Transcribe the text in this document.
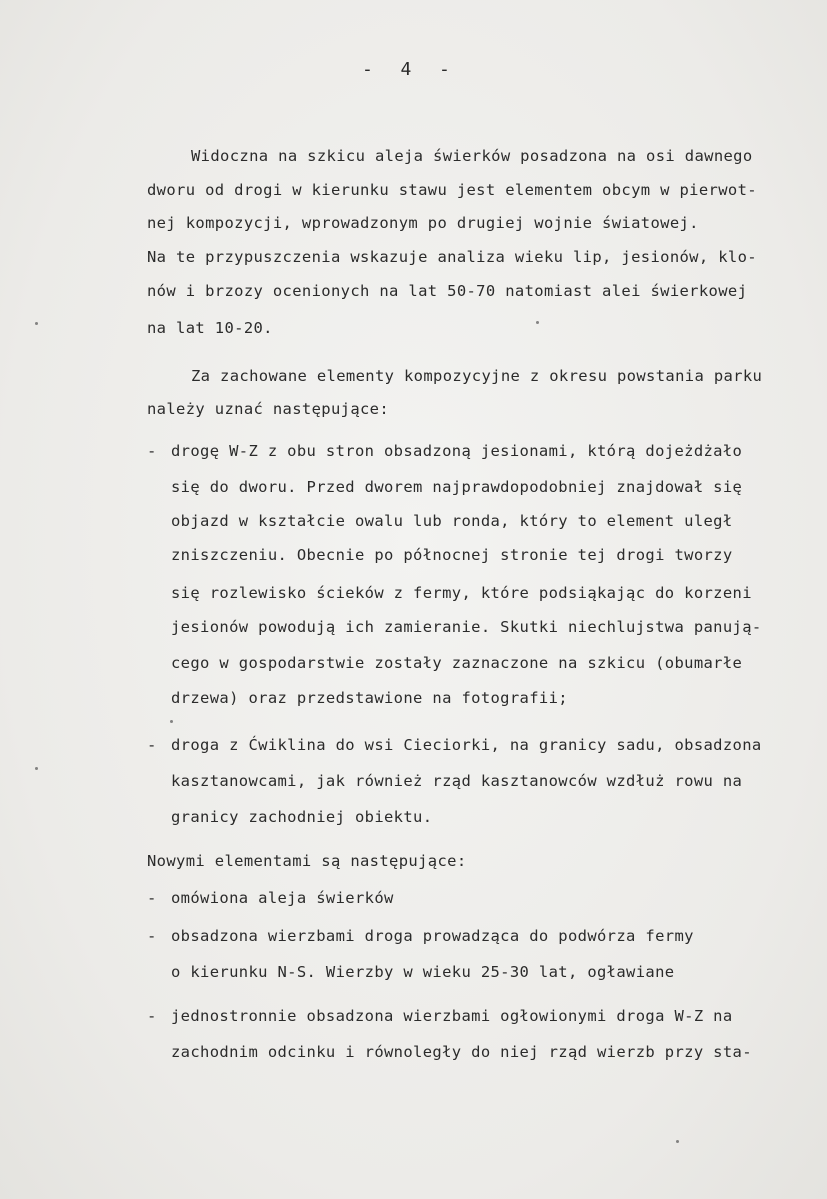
-  4  -
Widoczna na szkicu aleja świerków posadzona na osi dawnego
dworu od drogi w kierunku stawu jest elementem obcym w pierwot-
nej kompozycji, wprowadzonym po drugiej wojnie światowej.
Na te przypuszczenia wskazuje analiza wieku lip, jesionów, klo-
nów i brzozy ocenionych na lat 50-70 natomiast alei świerkowej
na lat 10-20.
Za zachowane elementy kompozycyjne z okresu powstania parku
należy uznać następujące:
- drogę W-Z z obu stron obsadzoną jesionami, którą dojeżdżało
się do dworu. Przed dworem najprawdopodobniej znajdował się
objazd w kształcie owalu lub ronda, który to element uległ
zniszczeniu. Obecnie po północnej stronie tej drogi tworzy
się rozlewisko ścieków z fermy, które podsiąkając do korzeni
jesionów powodują ich zamieranie. Skutki niechlujstwa panują-
cego w gospodarstwie zostały zaznaczone na szkicu (obumarłe
drzewa) oraz przedstawione na fotografii;
- droga z Ćwiklina do wsi Cieciorki, na granicy sadu, obsadzona
kasztanowcami, jak również rząd kasztanowców wzdłuż rowu na
granicy zachodniej obiektu.
Nowymi elementami są następujące:
- omówiona aleja świerków
- obsadzona wierzbami droga prowadząca do podwórza fermy
o kierunku N-S. Wierzby w wieku 25-30 lat, ogławiane
- jednostronnie obsadzona wierzbami ogłowionymi droga W-Z na
zachodnim odcinku i równoległy do niej rząd wierzb przy sta-
